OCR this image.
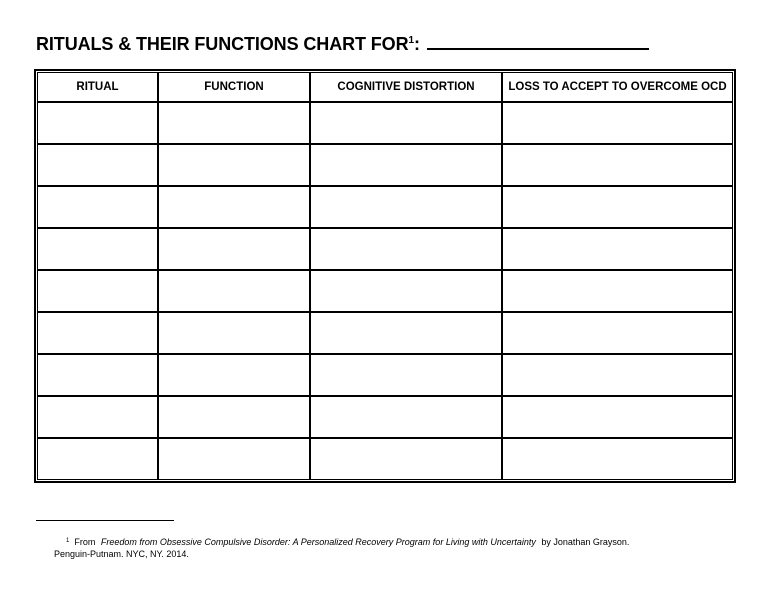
RITUALS & THEIR FUNCTIONS CHART FOR$^1$:
RITUAL	FUNCTION	COGNITIVE DISTORTION	LOSS TO ACCEPT TO OVERCOME OCD

$^1$ From Freedom from Obsessive Compulsive Disorder: A Personalized Recovery Program for Living with Uncertainty by Jonathan Grayson.
Penguin-Putnam. NYC, NY. 2014.
